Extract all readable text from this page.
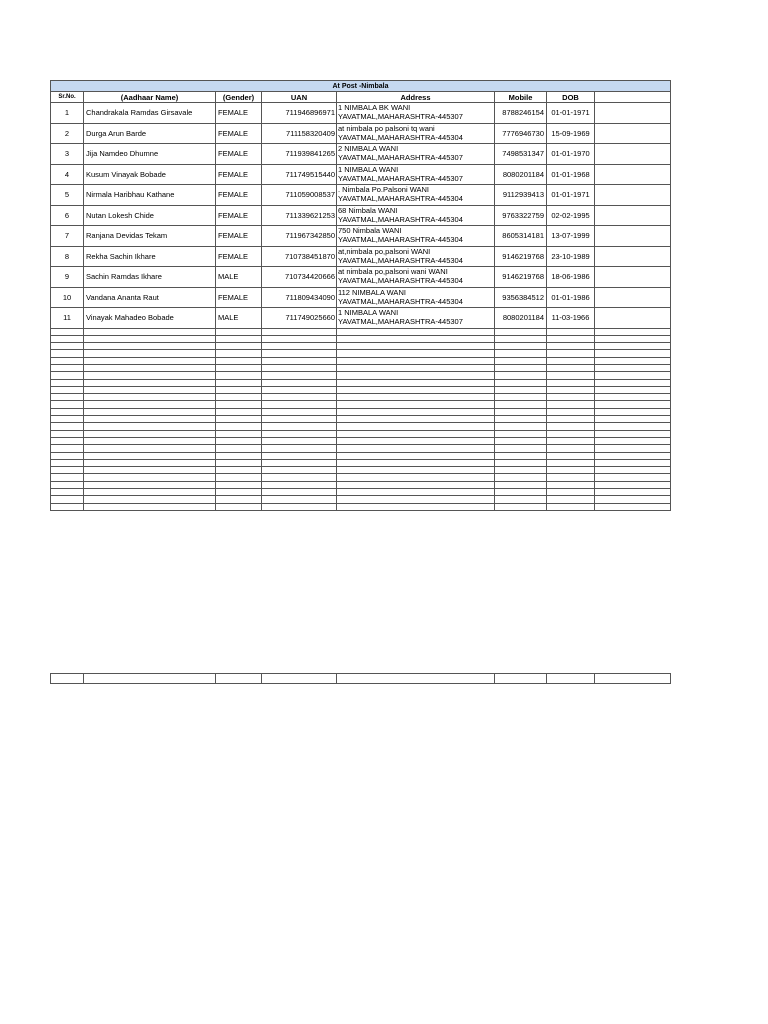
At Post -Nimbala							
Sr.No.	(Aadhaar Name)	(Gender)	UAN	Address	Mobile	DOB	
1	Chandrakala Ramdas Girsavale	FEMALE	711946896971	1 NIMBALA BK WANI YAVATMAL,MAHARASHTRA-445307	8788246154	01-01-1971	
2	Durga Arun Barde	FEMALE	711158320409	at nimbala po palsoni tq wani YAVATMAL,MAHARASHTRA-445304	7776946730	15-09-1969	
3	Jija Namdeo Dhumne	FEMALE	711939841265	2 NIMBALA WANI YAVATMAL,MAHARASHTRA-445307	7498531347	01-01-1970	
4	Kusum Vinayak Bobade	FEMALE	711749515440	1 NIMBALA WANI YAVATMAL,MAHARASHTRA-445307	8080201184	01-01-1968	
5	Nirmala Haribhau Kathane	FEMALE	711059008537	. Nimbala Po.Palsoni WANI YAVATMAL,MAHARASHTRA-445304	9112939413	01-01-1971	
6	Nutan Lokesh Chide	FEMALE	711339621253	68 Nimbala WANI YAVATMAL,MAHARASHTRA-445304	9763322759	02-02-1995	
7	Ranjana Devidas Tekam	FEMALE	711967342850	750 Nimbala WANI YAVATMAL,MAHARASHTRA-445304	8605314181	13-07-1999	
8	Rekha Sachin Ikhare	FEMALE	710738451870	at,nimbala po,palsoni WANI YAVATMAL,MAHARASHTRA-445304	9146219768	23-10-1989	
9	Sachin Ramdas Ikhare	MALE	710734420666	at nimbala po,palsoni wani WANI YAVATMAL,MAHARASHTRA-445304	9146219768	18-06-1986	
10	Vandana Ananta Raut	FEMALE	711809434090	112 NIMBALA WANI YAVATMAL,MAHARASHTRA-445304	9356384512	01-01-1986	
11	Vinayak Mahadeo Bobade	MALE	711749025660	1 NIMBALA WANI YAVATMAL,MAHARASHTRA-445307	8080201184	11-03-1966	
